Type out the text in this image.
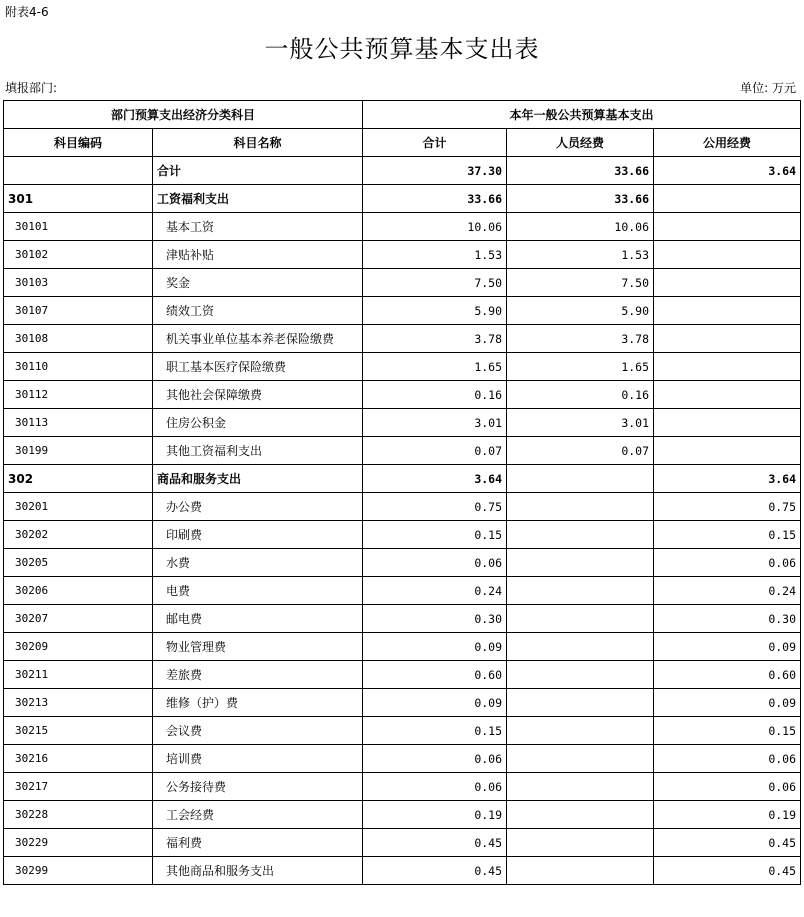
附表4-6
一般公共预算基本支出表
填报部门:	单位: 万元
部门预算支出经济分类科目		本年一般公共预算基本支出		
科目编码	科目名称	合计	人员经费	公用经费
	合计	37.30	33.66	3.64
301	工资福利支出	33.66	33.66	
30101	基本工资	10.06	10.06	
30102	津贴补贴	1.53	1.53	
30103	奖金	7.50	7.50	
30107	绩效工资	5.90	5.90	
30108	机关事业单位基本养老保险缴费	3.78	3.78	
30110	职工基本医疗保险缴费	1.65	1.65	
30112	其他社会保障缴费	0.16	0.16	
30113	住房公积金	3.01	3.01	
30199	其他工资福利支出	0.07	0.07	
302	商品和服务支出	3.64		3.64
30201	办公费	0.75		0.75
30202	印刷费	0.15		0.15
30205	水费	0.06		0.06
30206	电费	0.24		0.24
30207	邮电费	0.30		0.30
30209	物业管理费	0.09		0.09
30211	差旅费	0.60		0.60
30213	维修（护）费	0.09		0.09
30215	会议费	0.15		0.15
30216	培训费	0.06		0.06
30217	公务接待费	0.06		0.06
30228	工会经费	0.19		0.19
30229	福利费	0.45		0.45
30299	其他商品和服务支出	0.45		0.45
